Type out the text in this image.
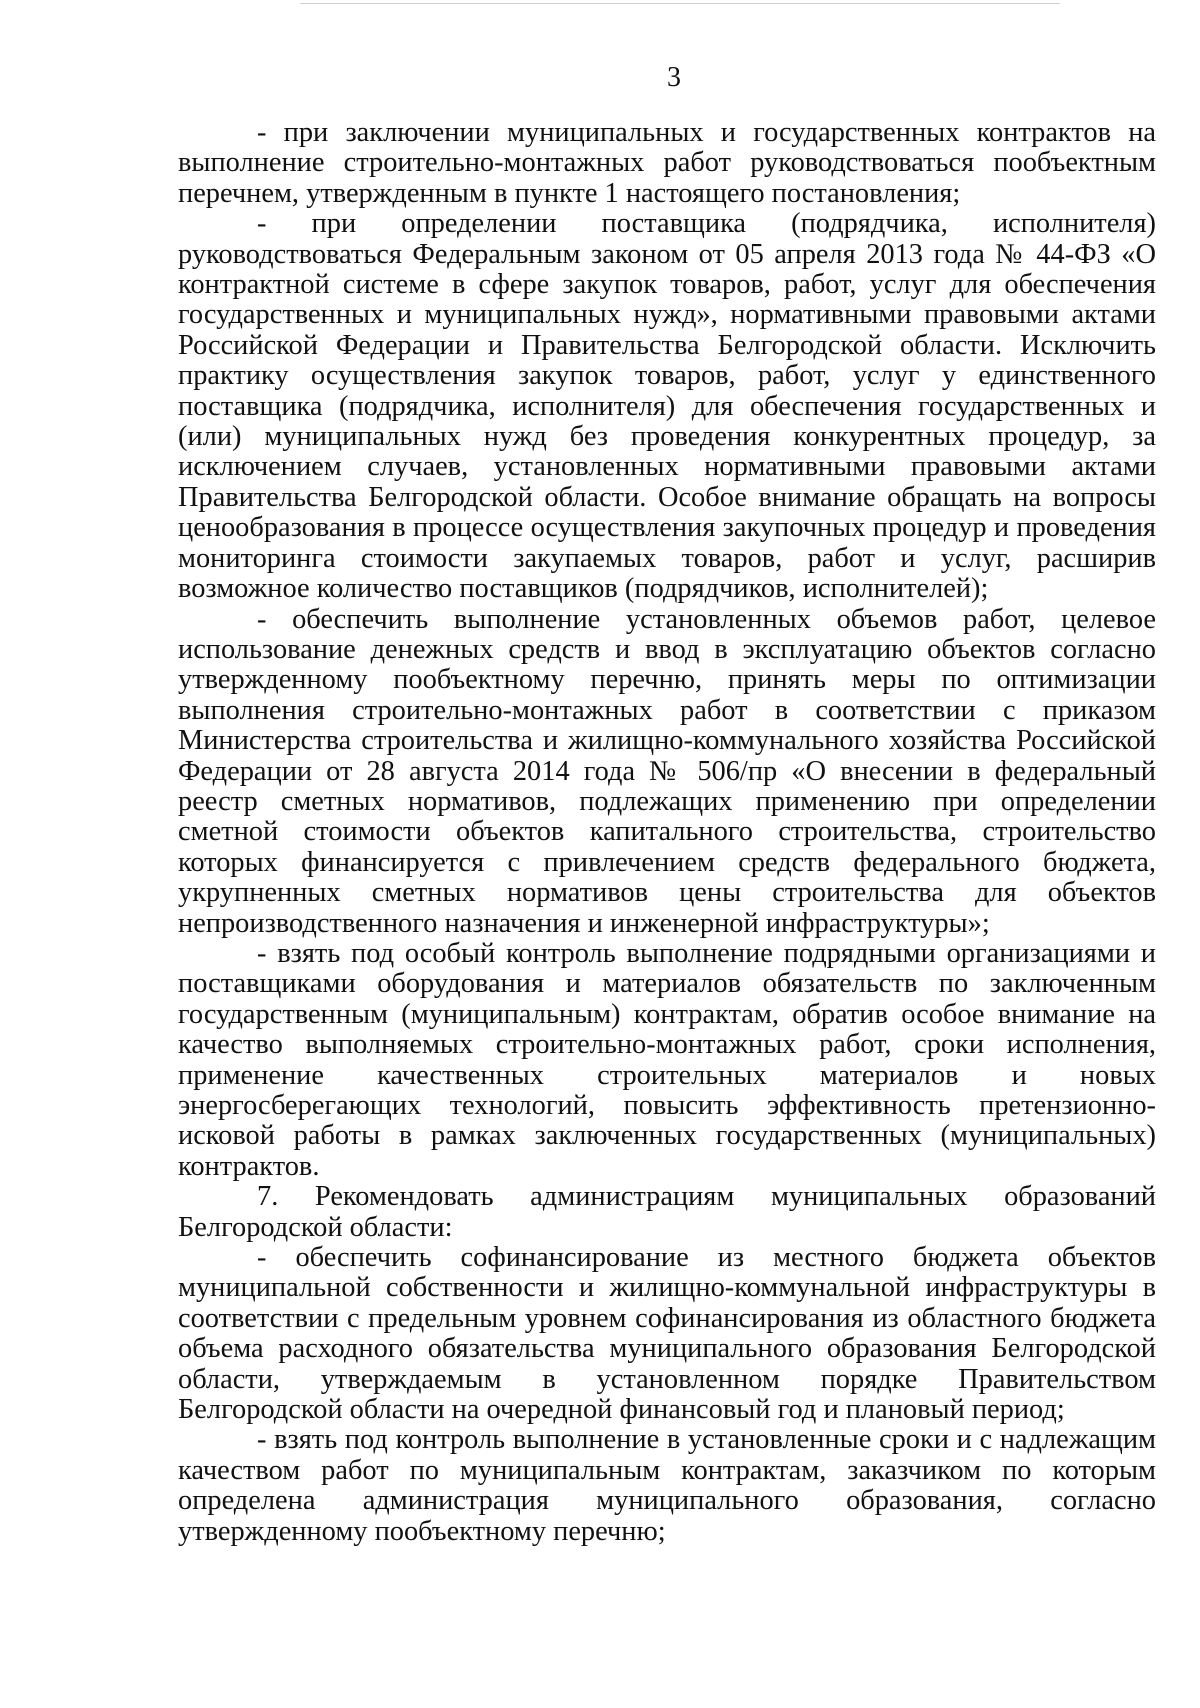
3

- при заключении муниципальных и государственных контрактов на выполнение строительно-монтажных работ руководствоваться пообъектным перечнем, утвержденным в пункте 1 настоящего постановления;

- при определении поставщика (подрядчика, исполнителя) руководствоваться Федеральным законом от 05 апреля 2013 года № 44-ФЗ «О контрактной системе в сфере закупок товаров, работ, услуг для обеспечения государственных и муниципальных нужд», нормативными правовыми актами Российской Федерации и Правительства Белгородской области. Исключить практику осуществления закупок товаров, работ, услуг у единственного поставщика (подрядчика, исполнителя) для обеспечения государственных и (или) муниципальных нужд без проведения конкурентных процедур, за исключением случаев, установленных нормативными правовыми актами Правительства Белгородской области. Особое внимание обращать на вопросы ценообразования в процессе осуществления закупочных процедур и проведения мониторинга стоимости закупаемых товаров, работ и услуг, расширив возможное количество поставщиков (подрядчиков, исполнителей);

- обеспечить выполнение установленных объемов работ, целевое использование денежных средств и ввод в эксплуатацию объектов согласно утвержденному пообъектному перечню, принять меры по оптимизации выполнения строительно-монтажных работ в соответствии с приказом Министерства строительства и жилищно-коммунального хозяйства Российской Федерации от 28 августа 2014 года № 506/пр «О внесении в федеральный реестр сметных нормативов, подлежащих применению при определении сметной стоимости объектов капитального строительства, строительство которых финансируется с привлечением средств федерального бюджета, укрупненных сметных нормативов цены строительства для объектов непроизводственного назначения и инженерной инфраструктуры»;

- взять под особый контроль выполнение подрядными организациями и поставщиками оборудования и материалов обязательств по заключенным государственным (муниципальным) контрактам, обратив особое внимание на качество выполняемых строительно-монтажных работ, сроки исполнения, применение качественных строительных материалов и новых энергосберегающих технологий, повысить эффективность претензионно-исковой работы в рамках заключенных государственных (муниципальных) контрактов.

7. Рекомендовать администрациям муниципальных образований Белгородской области:

- обеспечить софинансирование из местного бюджета объектов муниципальной собственности и жилищно-коммунальной инфраструктуры в соответствии с предельным уровнем софинансирования из областного бюджета объема расходного обязательства муниципального образования Белгородской области, утверждаемым в установленном порядке Правительством Белгородской области на очередной финансовый год и плановый период;

- взять под контроль выполнение в установленные сроки и с надлежащим качеством работ по муниципальным контрактам, заказчиком по которым определена администрация муниципального образования, согласно утвержденному пообъектному перечню;
